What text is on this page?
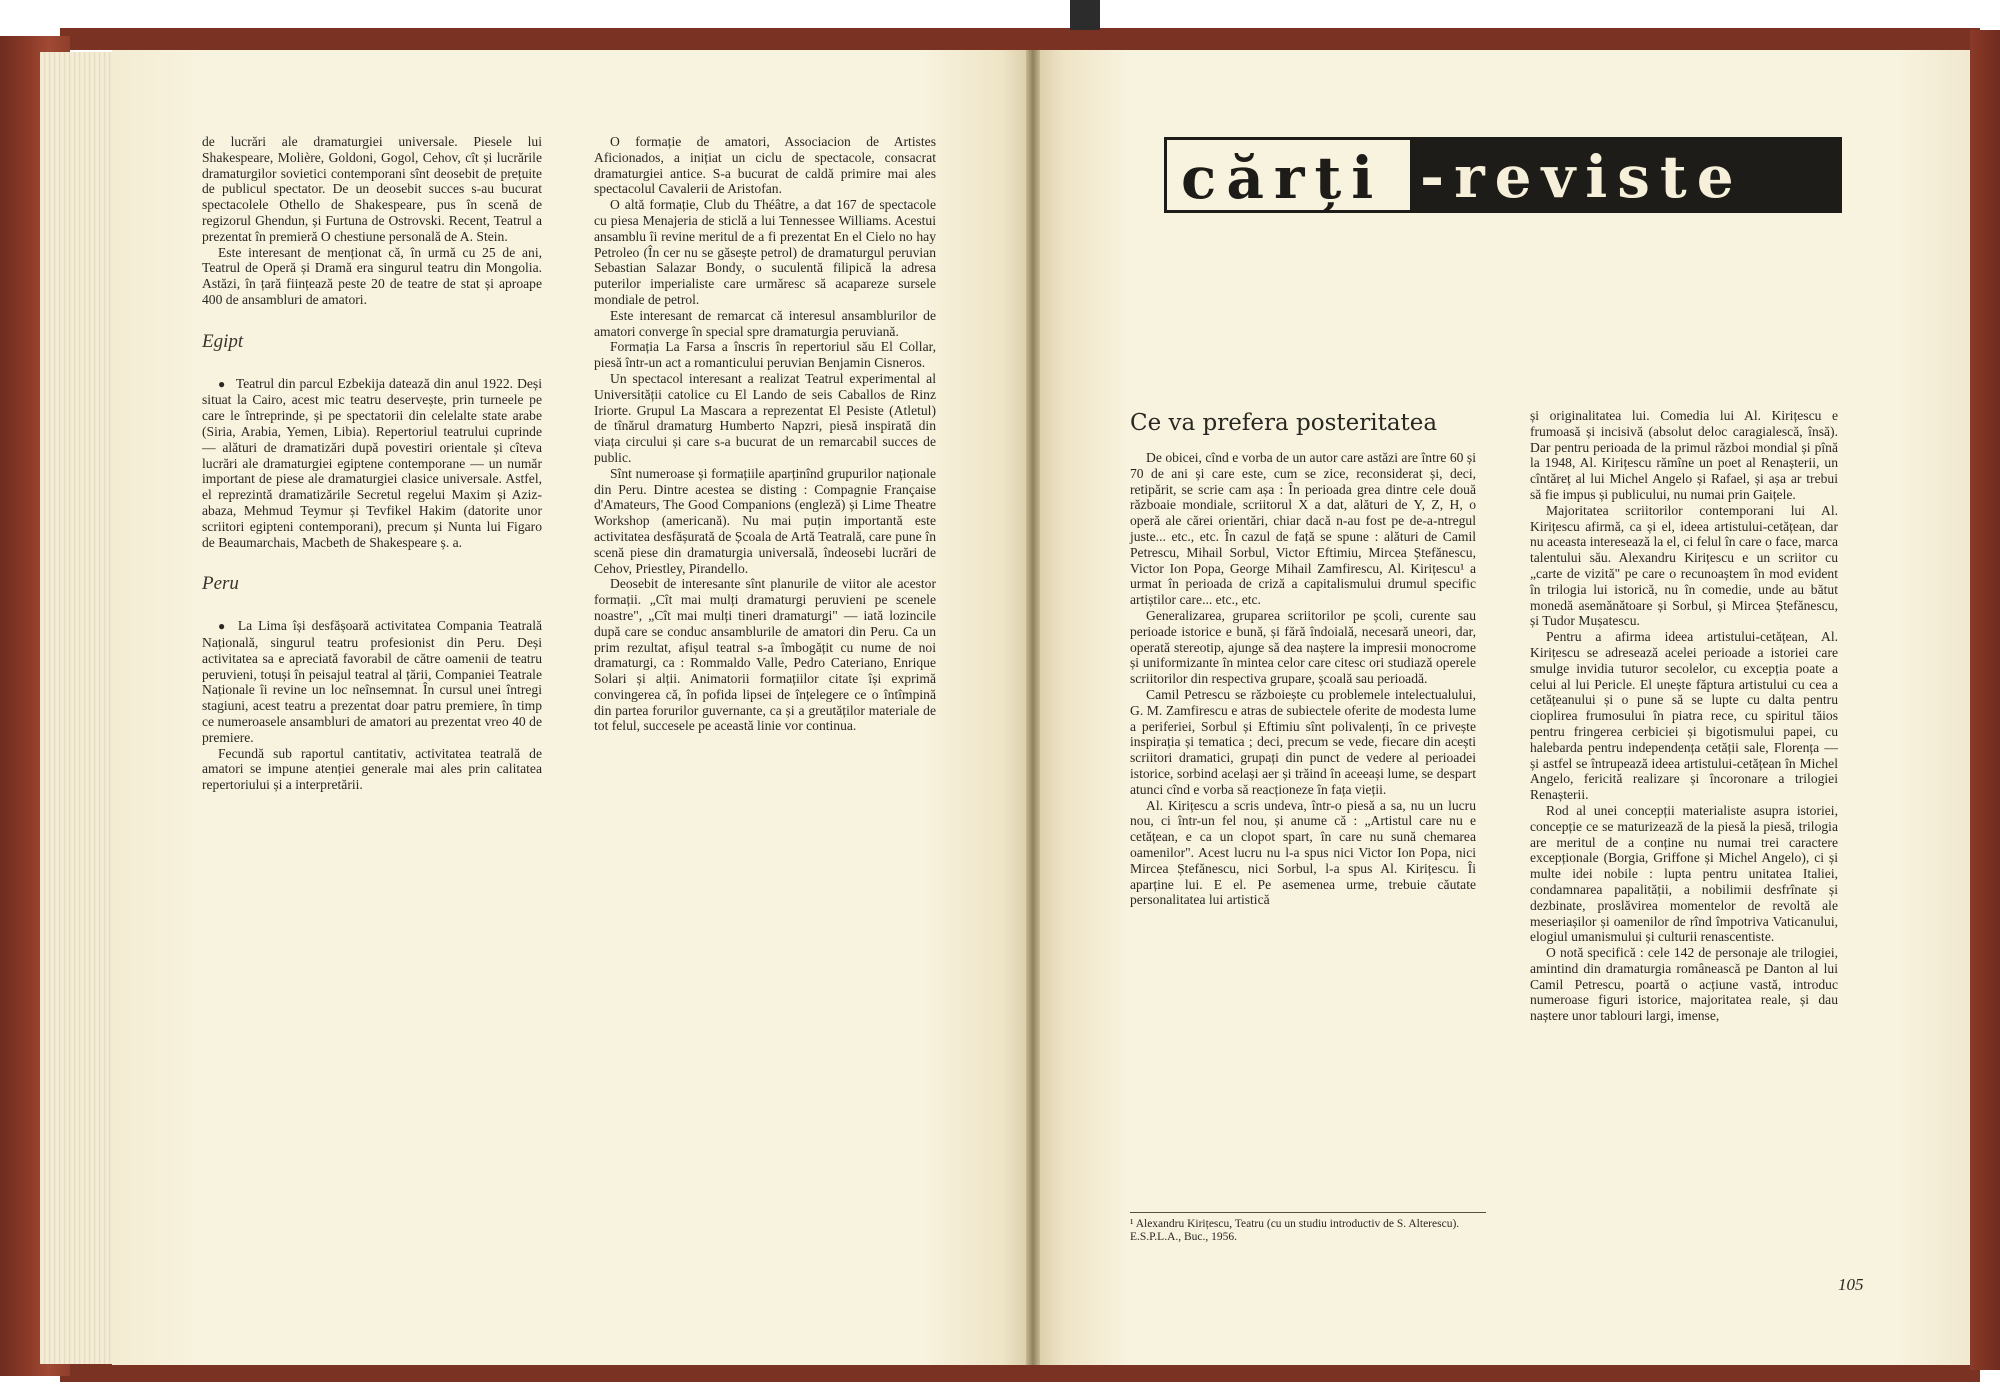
de lucrări ale dramaturgiei universale. Piesele lui Shakespeare, Molière, Goldoni, Gogol, Cehov, cît și lucrările dramaturgilor sovietici contemporani sînt deosebit de prețuite de publicul spectator. De un deosebit succes s-au bucurat spectacolele Othello de Shakespeare, pus în scenă de regizorul Ghendun, și Furtuna de Ostrovski. Recent, Teatrul a prezentat în premieră O chestiune personală de A. Stein.

Este interesant de menționat că, în urmă cu 25 de ani, Teatrul de Operă și Dramă era singurul teatru din Mongolia. Astăzi, în țară ființează peste 20 de teatre de stat și aproape 400 de ansambluri de amatori.

Egipt

● Teatrul din parcul Ezbekija datează din anul 1922. Deși situat la Cairo, acest mic teatru deservește, prin turneele pe care le întreprinde, și pe spectatorii din celelalte state arabe (Siria, Arabia, Yemen, Libia). Repertoriul teatrului cuprinde — alături de dramatizări după povestiri orientale și cîteva lucrări ale dramaturgiei egiptene contemporane — un număr important de piese ale dramaturgiei clasice universale. Astfel, el reprezintă dramatizările Secretul regelui Maxim și Aziz-abaza, Mehmud Teymur și Tevfikel Hakim (datorite unor scriitori egipteni contemporani), precum și Nunta lui Figaro de Beaumarchais, Macbeth de Shakespeare ș. a.

Peru

● La Lima își desfășoară activitatea Compania Teatrală Națională, singurul teatru profesionist din Peru. Deși activitatea sa e apreciată favorabil de către oamenii de teatru peruvieni, totuși în peisajul teatral al țării, Companiei Teatrale Naționale îi revine un loc neînsemnat. În cursul unei întregi stagiuni, acest teatru a prezentat doar patru premiere, în timp ce numeroasele ansambluri de amatori au prezentat vreo 40 de premiere.

Fecundă sub raportul cantitativ, activitatea teatrală de amatori se impune atenției generale mai ales prin calitatea repertoriului și a interpretării.

O formație de amatori, Associacion de Artistes Aficionados, a inițiat un ciclu de spectacole, consacrat dramaturgiei antice. S-a bucurat de caldă primire mai ales spectacolul Cavalerii de Aristofan.

O altă formație, Club du Théâtre, a dat 167 de spectacole cu piesa Menajeria de sticlă a lui Tennessee Williams. Acestui ansamblu îi revine meritul de a fi prezentat En el Cielo no hay Petroleo (În cer nu se găsește petrol) de dramaturgul peruvian Sebastian Salazar Bondy, o suculentă filipică la adresa puterilor imperialiste care urmăresc să acapareze sursele mondiale de petrol.

Este interesant de remarcat că interesul ansamblurilor de amatori converge în special spre dramaturgia peruviană.

Formația La Farsa a înscris în repertoriul său El Collar, piesă într-un act a romanticului peruvian Benjamin Cisneros.

Un spectacol interesant a realizat Teatrul experimental al Universității catolice cu El Lando de seis Caballos de Rinz Iriorte. Grupul La Mascara a reprezentat El Pesiste (Atletul) de tînărul dramaturg Humberto Napzri, piesă inspirată din viața circului și care s-a bucurat de un remarcabil succes de public.

Sînt numeroase și formațiile aparținînd grupurilor naționale din Peru. Dintre acestea se disting : Compagnie Française d'Amateurs, The Good Companions (engleză) și Lime Theatre Workshop (americană). Nu mai puțin importantă este activitatea desfășurată de Școala de Artă Teatrală, care pune în scenă piese din dramaturgia universală, îndeosebi lucrări de Cehov, Priestley, Pirandello.

Deosebit de interesante sînt planurile de viitor ale acestor formații. „Cît mai mulți dramaturgi peruvieni pe scenele noastre", „Cît mai mulți tineri dramaturgi" — iată lozincile după care se conduc ansamblurile de amatori din Peru. Ca un prim rezultat, afișul teatral s-a îmbogățit cu nume de noi dramaturgi, ca : Rommaldo Valle, Pedro Cateriano, Enrique Solari și alții. Animatorii formațiilor citate își exprimă convingerea că, în pofida lipsei de înțelegere ce o întîmpină din partea forurilor guvernante, ca și a greutăților materiale de tot felul, succesele pe această linie vor continua.

cărți -reviste
Ce va prefera posteritatea

De obicei, cînd e vorba de un autor care astăzi are între 60 și 70 de ani și care este, cum se zice, reconsiderat și, deci, retipărit, se scrie cam așa : În perioada grea dintre cele două războaie mondiale, scriitorul X a dat, alături de Y, Z, H, o operă ale cărei orientări, chiar dacă n-au fost pe de-a-ntregul juste... etc., etc. În cazul de față se spune : alături de Camil Petrescu, Mihail Sorbul, Victor Eftimiu, Mircea Ștefănescu, Victor Ion Popa, George Mihail Zamfirescu, Al. Kirițescu¹ a urmat în perioada de criză a capitalismului drumul specific artiștilor care... etc., etc.

Generalizarea, gruparea scriitorilor pe școli, curente sau perioade istorice e bună, și fără îndoială, necesară uneori, dar, operată stereotip, ajunge să dea naștere la impresii monocrome și uniformizante în mintea celor care citesc ori studiază operele scriitorilor din respectiva grupare, școală sau perioadă.

Camil Petrescu se războiește cu problemele intelectualului, G. M. Zamfirescu e atras de subiectele oferite de modesta lume a periferiei, Sorbul și Eftimiu sînt polivalenți, în ce privește inspirația și tematica ; deci, precum se vede, fiecare din acești scriitori dramatici, grupați din punct de vedere al perioadei istorice, sorbind același aer și trăind în aceeași lume, se despart atunci cînd e vorba să reacționeze în fața vieții.

Al. Kirițescu a scris undeva, într-o piesă a sa, nu un lucru nou, ci într-un fel nou, și anume că : „Artistul care nu e cetățean, e ca un clopot spart, în care nu sună chemarea oamenilor". Acest lucru nu l-a spus nici Victor Ion Popa, nici Mircea Ștefănescu, nici Sorbul, l-a spus Al. Kirițescu. Îi aparține lui. E el. Pe asemenea urme, trebuie căutate personalitatea lui artistică

¹ Alexandru Kirițescu, Teatru (cu un studiu introductiv de S. Alterescu). E.S.P.L.A., Buc., 1956.

și originalitatea lui. Comedia lui Al. Kirițescu e frumoasă și incisivă (absolut deloc caragialescă, însă). Dar pentru perioada de la primul război mondial și pînă la 1948, Al. Kirițescu rămîne un poet al Renașterii, un cîntăreț al lui Michel Angelo și Rafael, și așa ar trebui să fie impus și publicului, nu numai prin Gaițele.

Majoritatea scriitorilor contemporani lui Al. Kirițescu afirmă, ca și el, ideea artistului-cetățean, dar nu aceasta interesează la el, ci felul în care o face, marca talentului său. Alexandru Kirițescu e un scriitor cu „carte de vizită" pe care o recunoaștem în mod evident în trilogia lui istorică, nu în comedie, unde au bătut monedă asemănătoare și Sorbul, și Mircea Ștefănescu, și Tudor Mușatescu.

Pentru a afirma ideea artistului-cetățean, Al. Kirițescu se adresează acelei perioade a istoriei care smulge invidia tuturor secolelor, cu excepția poate a celui al lui Pericle. El unește făptura artistului cu cea a cetățeanului și o pune să se lupte cu dalta pentru cioplirea frumosului în piatra rece, cu spiritul tăios pentru fringerea cerbiciei și bigotismului papei, cu halebarda pentru independența cetății sale, Florența — și astfel se întrupează ideea artistului-cetățean în Michel Angelo, fericită realizare și încoronare a trilogiei Renașterii.

Rod al unei concepții materialiste asupra istoriei, concepție ce se maturizează de la piesă la piesă, trilogia are meritul de a conține nu numai trei caractere excepționale (Borgia, Griffone și Michel Angelo), ci și multe idei nobile : lupta pentru unitatea Italiei, condamnarea papalității, a nobilimii desfrînate și dezbinate, proslăvirea momentelor de revoltă ale meseriașilor și oamenilor de rînd împotriva Vaticanului, elogiul umanismului și culturii renascentiste.

O notă specifică : cele 142 de personaje ale trilogiei, amintind din dramaturgia românească pe Danton al lui Camil Petrescu, poartă o acțiune vastă, introduc numeroase figuri istorice, majoritatea reale, și dau naștere unor tablouri largi, imense,

105
